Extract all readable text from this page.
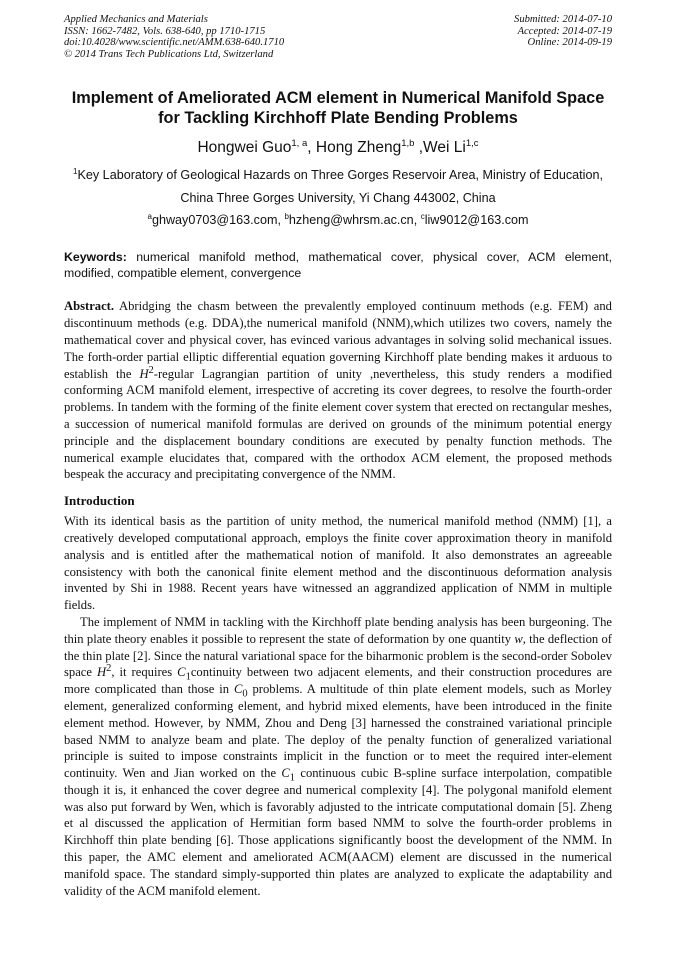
Applied Mechanics and Materials
ISSN: 1662-7482, Vols. 638-640, pp 1710-1715
doi:10.4028/www.scientific.net/AMM.638-640.1710
© 2014 Trans Tech Publications Ltd, Switzerland
Submitted: 2014-07-10
Accepted: 2014-07-19
Online: 2014-09-19
Implement of Ameliorated ACM element in Numerical Manifold Space for Tackling Kirchhoff Plate Bending Problems
Hongwei Guo$^{1, a}$, Hong Zheng$^{1,b}$ ,Wei Li$^{1,c}$
$^1$Key Laboratory of Geological Hazards on Three Gorges Reservoir Area, Ministry of Education,
China Three Gorges University, Yi Chang 443002, China
$^a$ghway0703@163.com, $^b$hzheng@whrsm.ac.cn, $^c$liw9012@163.com
Keywords: numerical manifold method, mathematical cover, physical cover, ACM element, modified, compatible element, convergence

Abstract. Abridging the chasm between the prevalently employed continuum methods (e.g. FEM) and discontinuum methods (e.g. DDA),the numerical manifold (NNM),which utilizes two covers, namely the mathematical cover and physical cover, has evinced various advantages in solving solid mechanical issues. The forth-order partial elliptic differential equation governing Kirchhoff plate bending makes it arduous to establish the $H^2$-regular Lagrangian partition of unity ,nevertheless, this study renders a modified conforming ACM manifold element, irrespective of accreting its cover degrees, to resolve the fourth-order problems. In tandem with the forming of the finite element cover system that erected on rectangular meshes, a succession of numerical manifold formulas are derived on grounds of the minimum potential energy principle and the displacement boundary conditions are executed by penalty function methods. The numerical example elucidates that, compared with the orthodox ACM element, the proposed methods bespeak the accuracy and precipitating convergence of the NMM.

Introduction

With its identical basis as the partition of unity method, the numerical manifold method (NMM) [1], a creatively developed computational approach, employs the finite cover approximation theory in manifold analysis and is entitled after the mathematical notion of manifold. It also demonstrates an agreeable consistency with both the canonical finite element method and the discontinuous deformation analysis invented by Shi in 1988. Recent years have witnessed an aggrandized application of NMM in multiple fields.

The implement of NMM in tackling with the Kirchhoff plate bending analysis has been burgeoning. The thin plate theory enables it possible to represent the state of deformation by one quantity w, the deflection of the thin plate [2]. Since the natural variational space for the biharmonic problem is the second-order Sobolev space $H^2$, it requires $C_1continuity$ between two adjacent elements, and their construction procedures are more complicated than those in $C_0$ problems. A multitude of thin plate element models, such as Morley element, generalized conforming element, and hybrid mixed elements, have been introduced in the finite element method. However, by NMM, Zhou and Deng [3] harnessed the constrained variational principle based NMM to analyze beam and plate. The deploy of the penalty function of generalized variational principle is suited to impose constraints implicit in the function or to meet the required inter-element continuity. Wen and Jian worked on the $C_1$ continuous cubic B-spline surface interpolation, compatible though it is, it enhanced the cover degree and numerical complexity [4]. The polygonal manifold element was also put forward by Wen, which is favorably adjusted to the intricate computational domain [5]. Zheng et al discussed the application of Hermitian form based NMM to solve the fourth-order problems in Kirchhoff thin plate bending [6]. Those applications significantly boost the development of the NMM. In this paper, the AMC element and ameliorated ACM(AACM) element are discussed in the numerical manifold space. The standard simply-supported thin plates are analyzed to explicate the adaptability and validity of the ACM manifold element.
